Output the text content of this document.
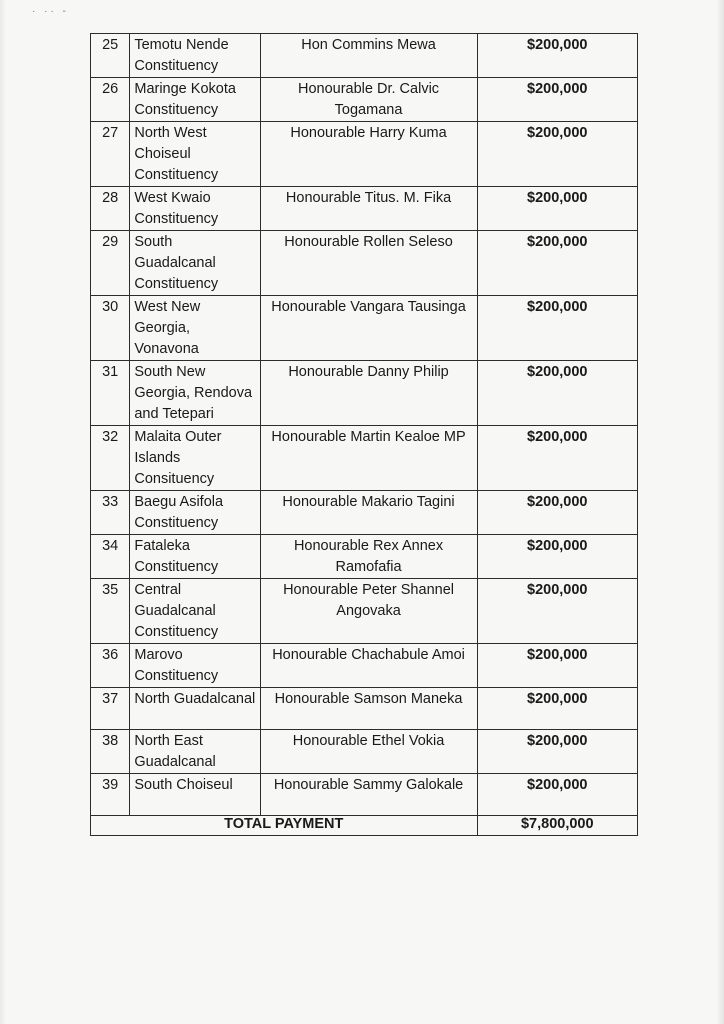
· ·· -
25	Temotu Nende Constituency	Hon Commins Mewa	$200,000
26	Maringe Kokota Constituency	Honourable Dr. Calvic Togamana	$200,000
27	North West Choiseul Constituency	Honourable Harry Kuma	$200,000
28	West Kwaio Constituency	Honourable Titus. M. Fika	$200,000
29	South Guadalcanal Constituency	Honourable Rollen Seleso	$200,000
30	West New Georgia, Vonavona	Honourable Vangara Tausinga	$200,000
31	South New Georgia, Rendova and Tetepari	Honourable Danny Philip	$200,000
32	Malaita Outer Islands Consituency	Honourable Martin Kealoe MP	$200,000
33	Baegu Asifola Constituency	Honourable Makario Tagini	$200,000
34	Fataleka Constituency	Honourable Rex Annex Ramofafia	$200,000
35	Central Guadalcanal Constituency	Honourable Peter Shannel Angovaka	$200,000
36	Marovo Constituency	Honourable Chachabule Amoi	$200,000
37	North Guadalcanal	Honourable Samson Maneka	$200,000
38	North East Guadalcanal	Honourable Ethel Vokia	$200,000
39	South Choiseul	Honourable Sammy Galokale	$200,000
TOTAL PAYMENT			$7,800,000
